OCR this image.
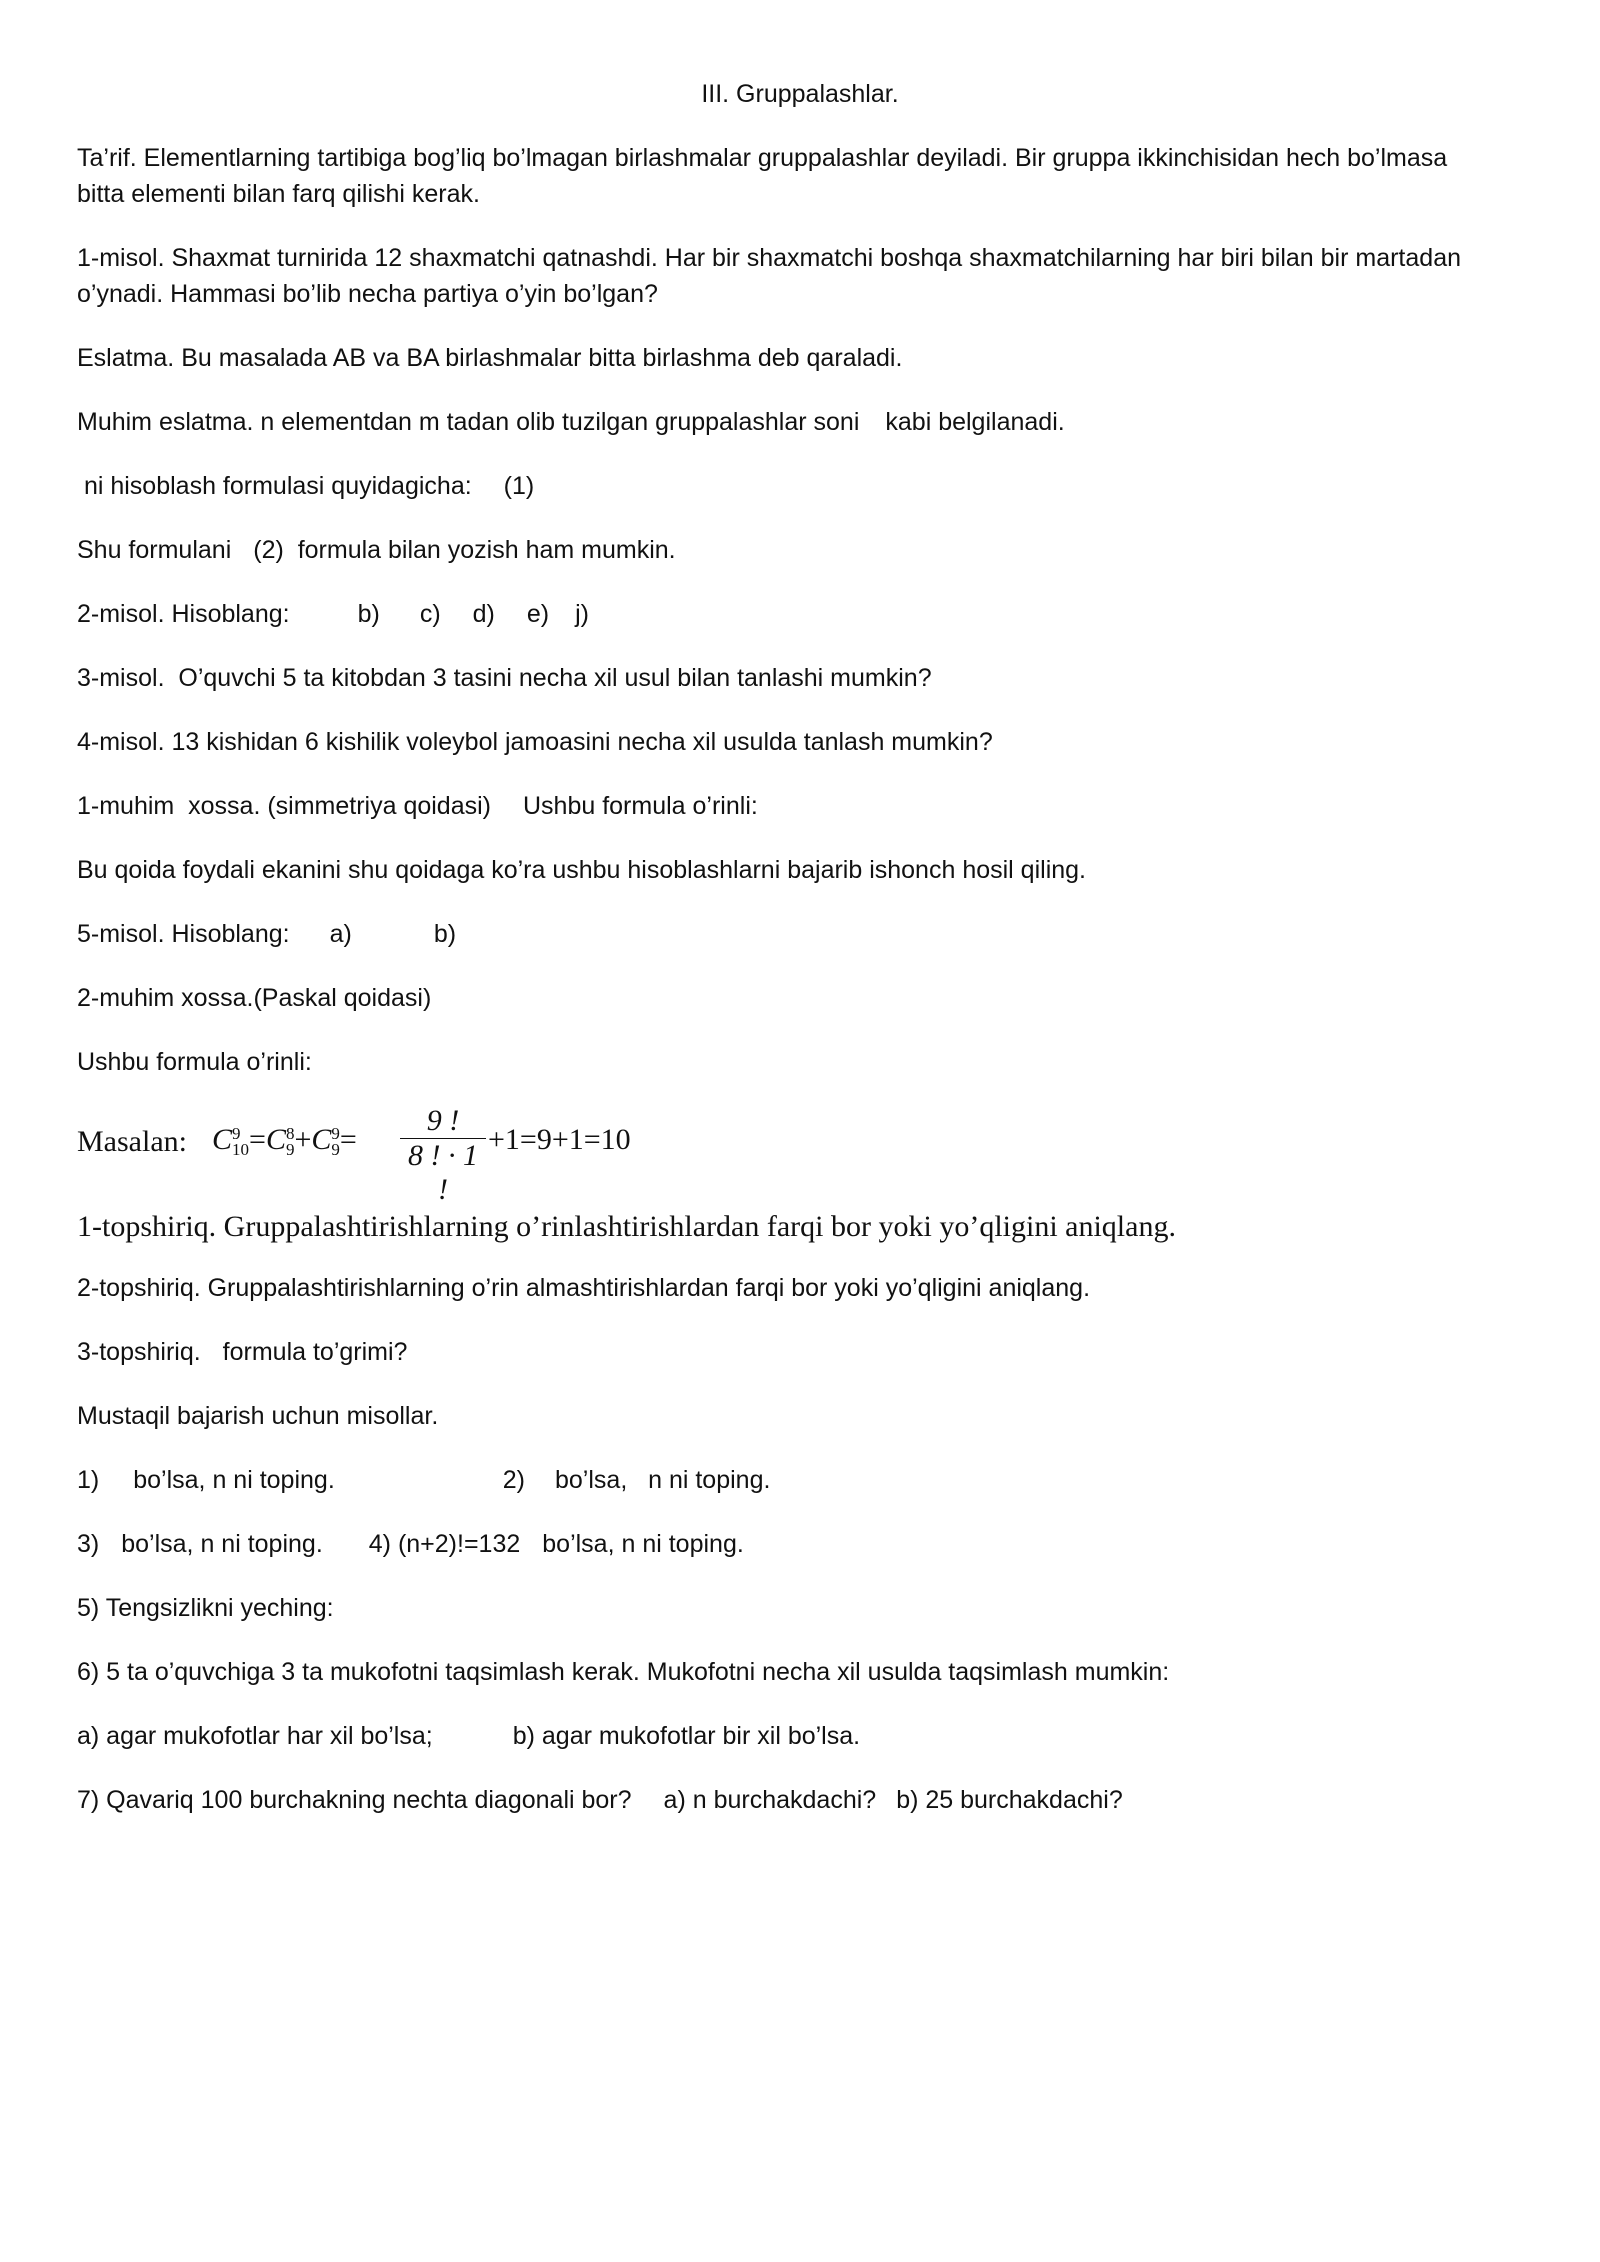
III. Gruppalashlar.
Ta’rif. Elementlarning tartibiga bog’liq bo’lmagan birlashmalar gruppalashlar deyiladi. Bir gruppa ikkinchisidan hech bo’lmasa bitta elementi bilan farq qilishi kerak.
1-misol. Shaxmat turnirida 12 shaxmatchi qatnashdi. Har bir shaxmatchi boshqa shaxmatchilarning har biri bilan bir martadan o’ynadi. Hammasi bo’lib necha partiya o’yin bo’lgan?
Eslatma. Bu masalada AB va BA birlashmalar bitta birlashma deb qaraladi.
Muhim eslatma. n elementdan m tadan olib tuzilgan gruppalashlar soni kabi belgilanadi.
ni hisoblash formulasi quyidagicha: (1)
Shu formulani (2)  formula bilan yozish ham mumkin.
2-misol. Hisoblang:	b) c) d) e) j)
3-misol.  O’quvchi 5 ta kitobdan 3 tasini necha xil usul bilan tanlashi mumkin?
4-misol. 13 kishidan 6 kishilik voleybol jamoasini necha xil usulda tanlash mumkin?
1-muhim  xossa. (simmetriya qoidasi) Ushbu formula o’rinli:
Bu qoida foydali ekanini shu qoidaga ko’ra ushbu hisoblashlarni bajarib ishonch hosil qiling.
5-misol. Hisoblang: a)	b)
2-muhim xossa.(Paskal qoidasi)
Ushbu formula o’rinli:
Masalan: C 9
10 =C 8
9 +C 9
9 =
9 !
8 ! · 1 !
+1=9+1=10
1-topshiriq. Gruppalashtirishlarning o’rinlashtirishlardan farqi bor yoki yo’qligini aniqlang.
2-topshiriq. Gruppalashtirishlarning o’rin almashtirishlardan farqi bor yoki yo’qligini aniqlang.
3-topshiriq. formula to’grimi?
Mustaqil bajarish uchun misollar.
1) bo’lsa, n ni toping.	2) bo’lsa,   n ni toping.
3) bo’lsa, n ni toping. 4) (n+2)!=132 bo’lsa, n ni toping.
5) Tengsizlikni yeching:
6) 5 ta o’quvchiga 3 ta mukofotni taqsimlash kerak. Mukofotni necha xil usulda taqsimlash mumkin:
a) agar mukofotlar har xil bo’lsa;	b) agar mukofotlar bir xil bo’lsa.
7) Qavariq 100 burchakning nechta diagonali bor? a) n burchakdachi? b) 25 burchakdachi?
